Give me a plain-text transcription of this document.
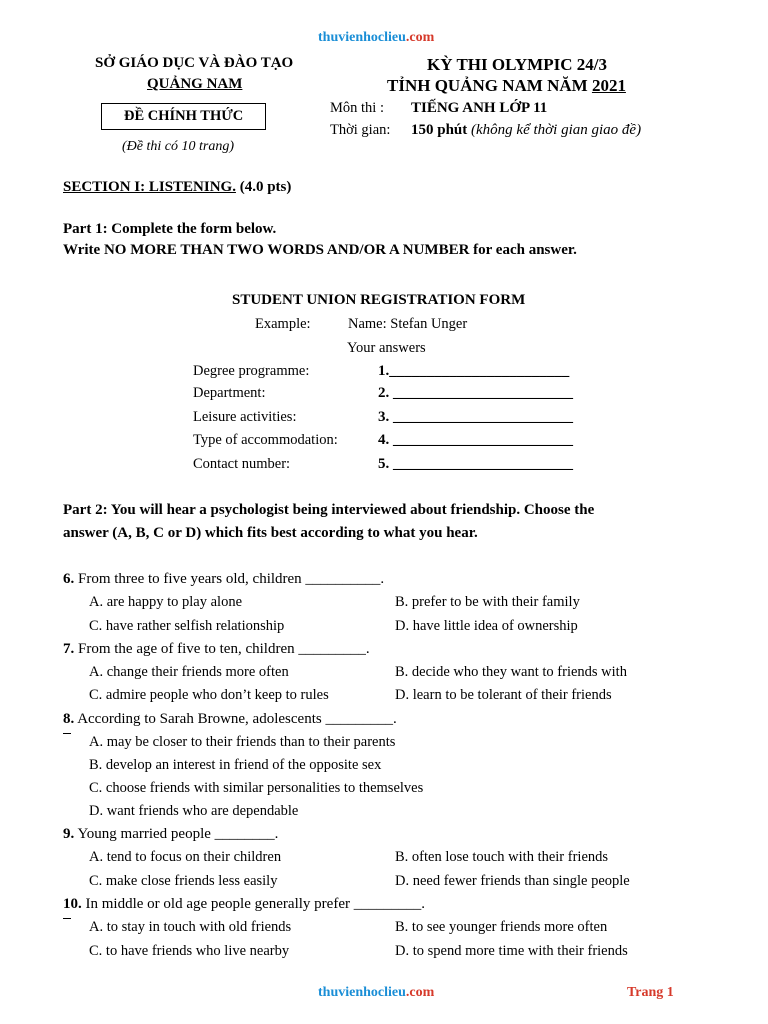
thuvienhoclieu.com
SỞ GIÁO DỤC VÀ ĐÀO TẠO
QUẢNG NAM
ĐỀ CHÍNH THỨC
(Đề thi có 10 trang)
KỲ THI OLYMPIC 24/3
TỈNH QUẢNG NAM NĂM 2021
Môn thi : TIẾNG ANH LỚP 11
Thời gian: 150 phút (không kể thời gian giao đề)
SECTION I: LISTENING. (4.0 pts)
Part 1: Complete the form below.
Write NO MORE THAN TWO WORDS AND/OR A NUMBER for each answer.
STUDENT UNION REGISTRATION FORM
Example:	Name: Stefan Unger
Your answers
Degree programme:	1.________________________
Department:	2. ________________________
Leisure activities:	3. ________________________
Type of accommodation:	4. ________________________
Contact number:	5. ________________________
Part 2: You will hear a psychologist being interviewed about friendship. Choose the
answer (A, B, C or D) which fits best according to what you hear.
6. From three to five years old, children __________.
A. are happy to play alone	B. prefer to be with their family
C. have rather selfish relationship	D. have little idea of ownership
7. From the age of five to ten, children _________.
A. change their friends more often	B. decide who they want to friends with
C. admire people who don’t keep to rules	D. learn to be tolerant of their friends
8. According to Sarah Browne, adolescents _________.
A. may be closer to their friends than to their parents
B. develop an interest in friend of the opposite sex
C. choose friends with similar personalities to themselves
D. want friends who are dependable
9. Young married people ________.
A. tend to focus on their children	B. often lose touch with their friends
C. make close friends less easily	D. need fewer friends than single people
10. In middle or old age people generally prefer _________.
A. to stay in touch with old friends	B. to see younger friends more often
C. to have friends who live nearby	D. to spend more time with their friends
thuvienhoclieu.com	Trang 1
